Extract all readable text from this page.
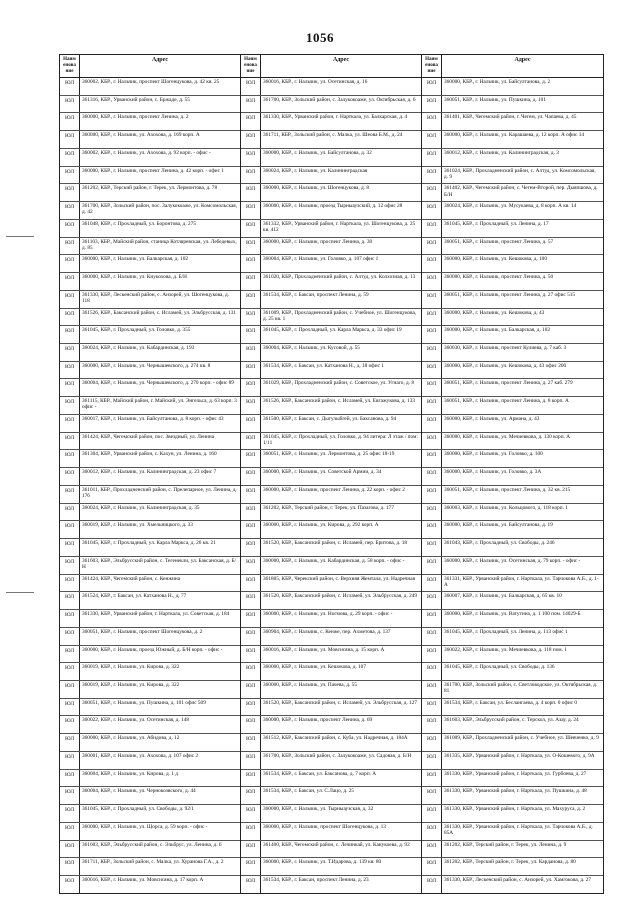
1056
Наим енова ние
Адрес
ЮЛ	360002, КБР., г. Нальчик, проспект Шогенцукова, д. 42 кв. 25
ЮЛ	361316, КБР., Урванский район, с. Бржаде, д. 55
ЮЛ	360000, КБР., г. Нальчик, проспект Ленина, д. 2
ЮЛ	360000, КБР., г. Нальчик, ул. Ахохова, д. 169 корп. А
ЮЛ	360002, КБР., г. Нальчик, ул. Ахохова, д. 92 корп. - офис -
ЮЛ	360000, КБР., г. Нальчик, проспект Ленина, д. 42 корп. - офис 1
ЮЛ	361202, КБР., Терский район, г. Терек, ул. Лермонтова, д. 78
ЮЛ	361700, КБР., Зольский район, пос. Залукокоаже, ул. Комсомольская, д. 42
ЮЛ	361048, КБР., г. Прохладный, ул. Боронтова, д. 275
ЮЛ	361103, КБР., Майский район, станица Котляревская, ул. Лебедевых, д. 85
ЮЛ	360000, КБР., г. Нальчик, ул. Балкарская, д. 102
ЮЛ	360000, КБР., г. Нальчик, ул. Кнукохова, д. Б/Н
ЮЛ	361330, КБР., Лескенский район, с. Анзорей, ул. Шогенцукова, д. 118
ЮЛ	361526, КБР., Баксанский район, с. Исламей, ул. Эльбрусская, д. 131
ЮЛ	361045, КБР., г. Прохладный, ул. Головко, д. 355
ЮЛ	360024, КБР., г. Нальчик, ул. Кабардинская, д. 193
ЮЛ	360000, КБР., г. Нальчик, ул. Чернышевского, д. 274 кв. 8
ЮЛ	360004, КБР., г. Нальчик, ул. Чернышевского, д. 270 корп. - офис 89
ЮЛ	361115, КБР., Майский район, г. Майский, ул. Энгельса, д. 63 корп. 3 офис -
ЮЛ	360017, КБР., г. Нальчик, ул. Байсултанова, д. 8 корп. - офис 43
ЮЛ	361424, КБР., Чегемский район, пос. Звездный, ул. Ленина
ЮЛ	361304, КБР., Урванский район, с. Кахун, ул. Ленина, д. 160
ЮЛ	360012, КБР., г. Нальчик, ул. Калининградская, д. 23 офис 7
ЮЛ	361011, КБР., Прохладненский район, с. Прелепарное, ул. Ленина, д. 176
ЮЛ	360024, КБР., г. Нальчик, ул. Калининградская, д. 35
ЮЛ	360019, КБР., г. Нальчик, ул. Хмельницкого, д. 33
ЮЛ	361045, КБР., г. Прохладный, ул. Карла Маркса, д. 26 кв. 21
ЮЛ	361603, КБР., Эльбрусский район, с. Тегенекли, ул. Баксанская, д. Б/Н
ЮЛ	361424, КБР., Чегемский район, с. Кенжина
ЮЛ	361524, КБР., г. Баксан, ул. Катханова Н., д. 77
ЮЛ	361330, КБР., Урванский район, г. Нарткала, ул. Советская, д. 184
ЮЛ	360051, КБР., г. Нальчик, проспект Шогенцукова, д. 2
ЮЛ	360000, КБР., г. Нальчик, проезд Южный, д. Б/Н корп. - офис -
ЮЛ	360019, КБР., г. Нальчик, ул. Кирова, д. 322
ЮЛ	360019, КБР., г. Нальчик, ул. Кирова, д. 322
ЮЛ	360051, КБР., г. Нальчик, ул. Пушкина, д. 101 офис 509
ЮЛ	360022, КБР., г. Нальчик, ул. Осетинская, д. 148
ЮЛ	360000, КБР., г. Нальчик, ул. Абидова, д. 12
ЮЛ	360001, КБР., г. Нальчик, ул. Ахохова, д. 107 офис 2
ЮЛ	360004, КБР., г. Нальчик, ул. Кирова, д. 1 д
ЮЛ	360004, КБР., г. Нальчик, ул. Чернокозвского, д. 44
ЮЛ	361045, КБР., г. Прохладный, ул. Свободы, д. 92/1
ЮЛ	360000, КБР., г. Нальчик, ул. Щорса, д. 59 корп. - офис -
ЮЛ	361603, КБР., Эльбрусский район, с. Эльбрус, ул. Ленина, д. 6
ЮЛ	361711, КБР., Зольский район, с. Малка, ул. Хуранова Г.А., д. 2
ЮЛ	360016, КБР., г. Нальчик, ул. Мовсисяна, д. 17 корп. А
Наим енова ние
Адрес
ЮЛ	360016, КБР., г. Нальчик, ул. Осетинская, д. 16
ЮЛ	361700, КБР., Зольский район, с. Залукокоаже, ул. Октябрьская, д. 6
ЮЛ	361330, КБР., Урванский район, г. Нарткала, ул. Балкарская, д. 4
ЮЛ	361711, КБР., Зольский район, с. Малка, ул. Шеова Б.М., д. 24
ЮЛ	360000, КБР., г. Нальчик, ул. Байсултанова, д. 32
ЮЛ	360024, КБР., г. Нальчик, ул. Калининградская
ЮЛ	360000, КБР., г. Нальчик, ул. Шогенцукова, д. 8
ЮЛ	360000, КБР., г. Нальчик, проезд Тырныаузский, д. 12 офис 28
ЮЛ	361332, КБР., Урванский район, г. Нарткала, ул. Шогенцукова, д. 25 кв. 412
ЮЛ	360000, КБР., г. Нальчик, проспект Ленина, д. 30
ЮЛ	360004, КБР., г. Нальчик, ул. Головко, д. 107 офис 1
ЮЛ	361020, КБР., Прохладненский район, с. Алтуд, ул. Колхозная, д. 13
ЮЛ	361534, КБР., г. Баксан, проспект Ленина, д. 59
ЮЛ	361009, КБР., Прохладненский район, с. Учебное, ул. Шогенцукова, д. 25 кв. 1
ЮЛ	361045, КБР., г. Прохладный, ул. Карла Маркса, д. 33 офис 19
ЮЛ	360004, КБР., г. Нальчик, ул. Кусовой, д. 55
ЮЛ	361534, КБР., г. Баксан, ул. Катханова Н., д. 18 офис 1
ЮЛ	361029, КБР., Прохладненский район, с. Советское, ул. Угнаго, д. 8
ЮЛ	361526, КБР., Баксанский район, с. Исламей, ул. Евгажукова, д. 133
ЮЛ	361500, КБР., г. Баксан, с. Дыгулыбгей, ул. Баксанова, д. 94
ЮЛ	361045, КБР., г. Прохладный, ул. Головко, д. 94 литера: Л этаж / пом: 1/11
ЮЛ	360051, КБР., г. Нальчик, ул. Лермонтова, д. 25 офис 18-19
ЮЛ	360000, КБР., г. Нальчик, ул. Советской Армии, д. 34
ЮЛ	360000, КБР., г. Нальчик, проспект Ленина, д. 22 корп. - офис 2
ЮЛ	361202, КБР., Терский район, г. Терек, ул. Пазагова, д. 177
ЮЛ	360000, КБР., г. Нальчик, ул. Кирова, д. 292 корп. А
ЮЛ	361520, КБР., Баксанский район, с. Исламей, пер. Бритова, д. 18
ЮЛ	360000, КБР., г. Нальчик, ул. Кабардинская, д. 58 корп. - офис -
ЮЛ	361805, КБР., Черекский район, с. Верхняя Жемтала, ул. Надречная
ЮЛ	361520, КБР., Баксанский район, с. Исламей, ул. Эльбрусская, д. 249
ЮЛ	360000, КБР., г. Нальчик, ул. Ногмова, д. 29 корп. - офис -
ЮЛ	360904, КБР., г. Нальчик, с. Кенже, пер. Ахметова, д. 137
ЮЛ	360016, КБР., г. Нальчик, ул. Мовсисяна, д. 15 корп. А
ЮЛ	360000, КБР., г. Нальчик, ул. Кешокова, д. 107
ЮЛ	360000, КБР., г. Нальчик, ул. Пачева, д. 55
ЮЛ	361520, КБР., Баксанский район, с. Исламей, ул. Эльбрусская, д. 127
ЮЛ	360000, КБР., г. Нальчик, проспект Ленина, д. 69
ЮЛ	361512, КБР., Баксанский район, с. Куба, ул. Надречная, д. 184А
ЮЛ	361700, КБР., Зольский район, с. Залукокоаже, ул. Садовая, д. Б/Н
ЮЛ	361534, КБР., г. Баксан, ул. Баксанова, д. 7 корп. А
ЮЛ	361534, КБР., г. Баксан, ул. С.Лацо, д. 25
ЮЛ	360000, КБР., г. Нальчик, ул. Тырныаузская, д. 32
ЮЛ	360000, КБР., г. Нальчик, проспект Шогенцукова, д. 13
ЮЛ	361400, КБР., Чегемский район, с. Лечинкай, ул. Канукоева, д. 92
ЮЛ	360000, КБР., г. Нальчик, ул. Т.Идарова, д. 139 кв. 80
ЮЛ	361534, КБР., г. Баксан, проспект Ленина, д. 23
Наим енова ние
Адрес
ЮЛ	360000, КБР., г. Нальчик, ул. Байсултанова, д. 2
ЮЛ	360051, КБР., г. Нальчик, ул. Пушкина, д. 101
ЮЛ	361401, КБР., Чегемский район, г. Чегем, ул. Чапаева, д. 45
ЮЛ	360000, КБР., г. Нальчик, ул. Карашаева, д. 12 корп. А офис 14
ЮЛ	360012, КБР., г. Нальчик, ул. Калининградская, д. 3
ЮЛ	361024, КБР., Прохладненский район, с. Алтуд, ул. Комсомольская, д. 9
ЮЛ	361402, КБР., Чегемский район, с. Чегем-Второй, пер. Дыяпшова, д. Б/Н
ЮЛ	360024, КБР., г. Нальчик, ул. Мусукаева, д. 8 корп. А кв. 14
ЮЛ	361045, КБР., г. Прохладный, ул. Ленина, д. 17
ЮЛ	360051, КБР., г. Нальчик, проспект Ленина, д. 57
ЮЛ	360000, КБР., г. Нальчик, ул. Кешокова, д. 100
ЮЛ	360000, КБР., г. Нальчик, проспект Ленина, д. 50
ЮЛ	360051, КБР., г. Нальчик, проспект Ленина, д. 27 офис 515
ЮЛ	360000, КБР., г. Нальчик, ул. Кешокова, д. 43
ЮЛ	360000, КБР., г. Нальчик, ул. Балкарская, д. 102
ЮЛ	360030, КБР., г. Нальчик, проспект Кулиева, д. 7 каб. 3
ЮЛ	360000, КБР., г. Нальчик, ул. Кешокова, д. 43 офис 200
ЮЛ	360051, КБР., г. Нальчик, проспект Ленина, д. 27 каб. 279
ЮЛ	360051, КБР., г. Нальчик, проспект Ленина, д. 8 корп. А
ЮЛ	360000, КБР., г. Нальчик, ул. Армана, д. 43
ЮЛ	360000, КБР., г. Нальчик, ул. Мечиевкова, д. 130 корп. А
ЮЛ	360000, КБР., г. Нальчик, ул. Головко, д. 100
ЮЛ	360000, КБР., г. Нальчик, ул. Головко, д. 3А
ЮЛ	360051, КБР., г. Нальчик, проспект Ленина, д. 32 кв. 215
ЮЛ	360003, КБР., г. Нальчик, ул. Кольцового, д. 118 корп. 1
ЮЛ	360000, КБР., г. Нальчик, ул. Байсултанова, д. 19
ЮЛ	361043, КБР., г. Прохладный, ул. Свободы, д. 246
ЮЛ	360000, КБР., г. Нальчик, ул. Осетинская, д. 79 корп. - офис -
ЮЛ	361331, КБР., Урванский район, г. Нарткала, ул. Тарчокова А.Б., д. 1-А
ЮЛ	360007, КБР., г. Нальчик, ул. Балкарская, д. 65 кв. 10
ЮЛ	360000, КБР., г. Нальчик, ул. Ватутина, д. 1 100 пом. 14029-Б
ЮЛ	361045, КБР., г. Прохладный, ул. Ленина, д. 113 офис 1
ЮЛ	360022, КБР., г. Нальчик, ул. Мечиевкова, д. 118 пом. 1
ЮЛ	361045, КБР., г. Прохладный, ул. Свободы, д. 136
ЮЛ	361700, КБР., Зольский район, с. Светловодское, ул. Октябрьская, д. 81
ЮЛ	361534, КБР., г. Баксан, ул. Беслангаева, д. 4 корп. 0 офис 0
ЮЛ	361603, КБР., Эльбрусский район, с. Терскол, ул. Азау, д. 24
ЮЛ	361009, КБР., Прохладненский район, с. Учебное, ул. Шевченко, д. 9
ЮЛ	361335, КБР., Урванский район, г. Нарткала, ул. О-Кошевого, д. 9А
ЮЛ	361330, КБР., Урванский район, г. Нарткала, ул. Гурбоева, д. 27
ЮЛ	361330, КБР., Урванский район, г. Нарткала, ул. Пушкина, д. 48
ЮЛ	361330, КБР., Урванский район, г. Нарткала, ул. Махуруса, д. 2
ЮЛ	361330, КБР., Урванский район, г. Нарткала, ул. Тарчокова А.Б., д. 85А
ЮЛ	361202, КБР., Терский район, г. Терек, ул. Ленина, д. 9
ЮЛ	361202, КБР., Терский район, г. Терек, ул. Карданова, д. 80
ЮЛ	361330, КБР., Лескенский район, с. Анзорей, ул. Хамгокова, д. 27
